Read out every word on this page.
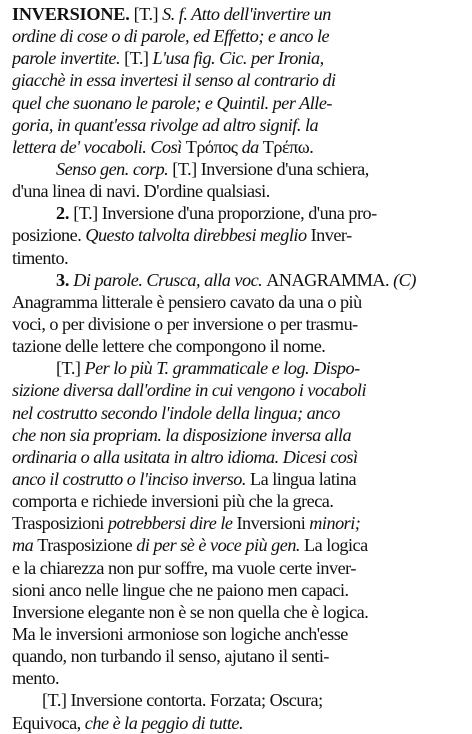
INVERSIONE. [T.] S. f. Atto dell'invertire un
ordine di cose o di parole, ed Effetto; e anco le
parole invertite. [T.] L'usa fig. Cic. per Ironia,
giacchè in essa invertesi il senso al contrario di
quel che suonano le parole; e Quintil. per Alle-
goria, in quant'essa rivolge ad altro signif. la
lettera de' vocaboli. Così Τρόπος da Τρέπω.
Senso gen. corp. [T.] Inversione d'una schiera,
d'una linea di navi. D'ordine qualsiasi.
2. [T.] Inversione d'una proporzione, d'una pro-
posizione. Questo talvolta direbbesi meglio Inver-
timento.
3. Di parole. Crusca, alla voc. ANAGRAMMA. (C)
Anagramma litterale è pensiero cavato da una o più
voci, o per divisione o per inversione o per trasmu-
tazione delle lettere che compongono il nome.
[T.] Per lo più T. grammaticale e log. Dispo-
sizione diversa dall'ordine in cui vengono i vocaboli
nel costrutto secondo l'indole della lingua; anco
che non sia propriam. la disposizione inversa alla
ordinaria o alla usitata in altro idioma. Dicesi così
anco il costrutto o l'inciso inverso. La lingua latina
comporta e richiede inversioni più che la greca.
Trasposizioni potrebbersi dire le Inversioni minori;
ma Trasposizione di per sè è voce più gen. La logica
e la chiarezza non pur soffre, ma vuole certe inver-
sioni anco nelle lingue che ne paiono men capaci.
Inversione elegante non è se non quella che è logica.
Ma le inversioni armoniose son logiche anch'esse
quando, non turbando il senso, ajutano il senti-
mento.
[T.] Inversione contorta. Forzata; Oscura;
Equivoca, che è la peggio di tutte.
